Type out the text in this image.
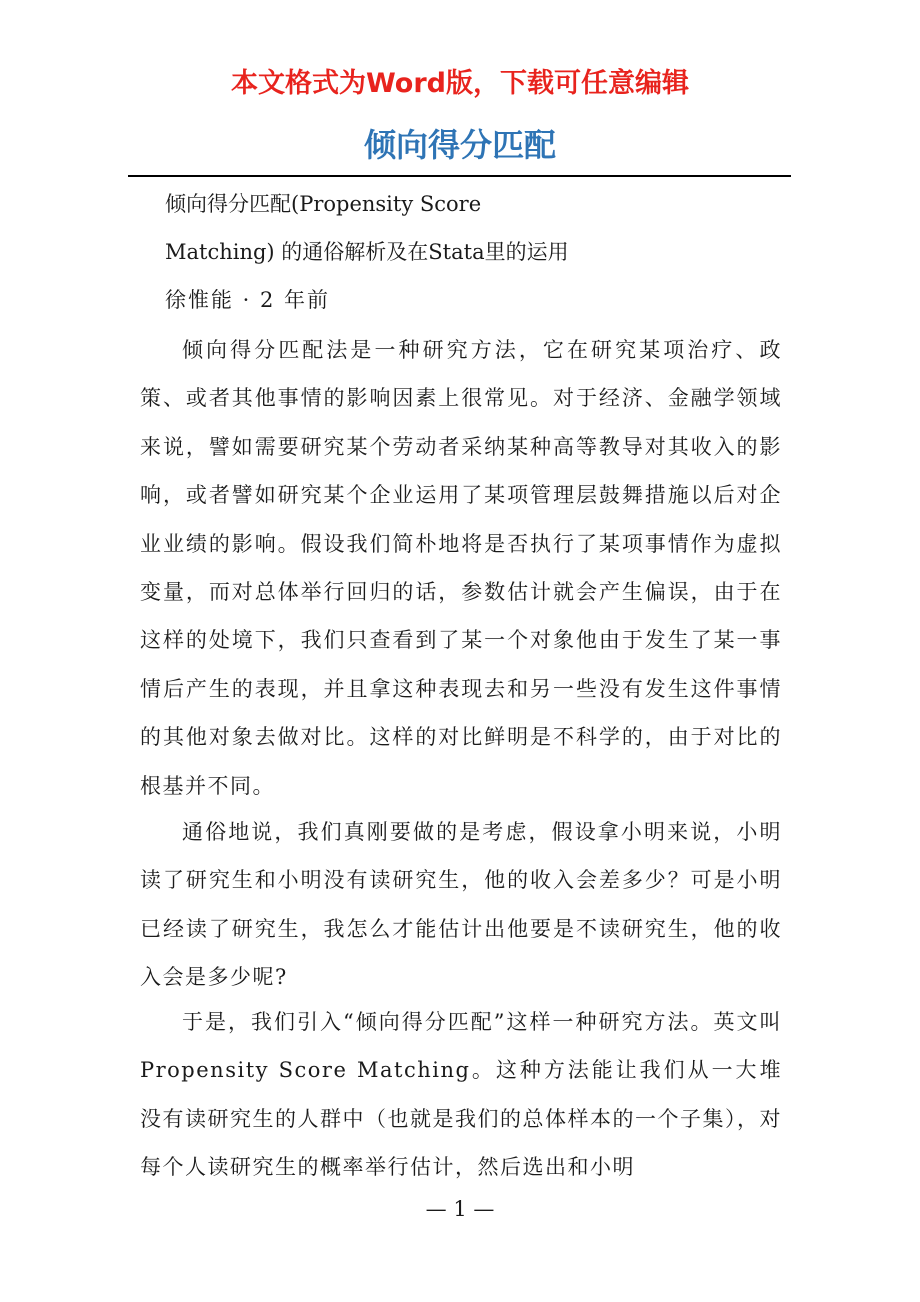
本文格式为Word版，下载可任意编辑
倾向得分匹配
倾向得分匹配(Propensity Score
Matching) 的通俗解析及在Stata里的运用
徐惟能 · 2 年前

倾向得分匹配法是一种研究方法，它在研究某项治疗、政策、或者其他事情的影响因素上很常见。对于经济、金融学领域来说，譬如需要研究某个劳动者采纳某种高等教导对其收入的影响，或者譬如研究某个企业运用了某项管理层鼓舞措施以后对企业业绩的影响。假设我们简朴地将是否执行了某项事情作为虚拟变量，而对总体举行回归的话，参数估计就会产生偏误，由于在这样的处境下，我们只查看到了某一个对象他由于发生了某一事情后产生的表现，并且拿这种表现去和另一些没有发生这件事情的其他对象去做对比。这样的对比鲜明是不科学的，由于对比的根基并不同。

通俗地说，我们真刚要做的是考虑，假设拿小明来说，小明读了研究生和小明没有读研究生，他的收入会差多少？可是小明已经读了研究生，我怎么才能估计出他要是不读研究生，他的收入会是多少呢?

于是，我们引入“倾向得分匹配”这样一种研究方法。英文叫Propensity Score Matching。这种方法能让我们从一大堆没有读研究生的人群中（也就是我们的总体样本的一个子集），对每个人读研究生的概率举行估计，然后选出和小明

— 1 —
